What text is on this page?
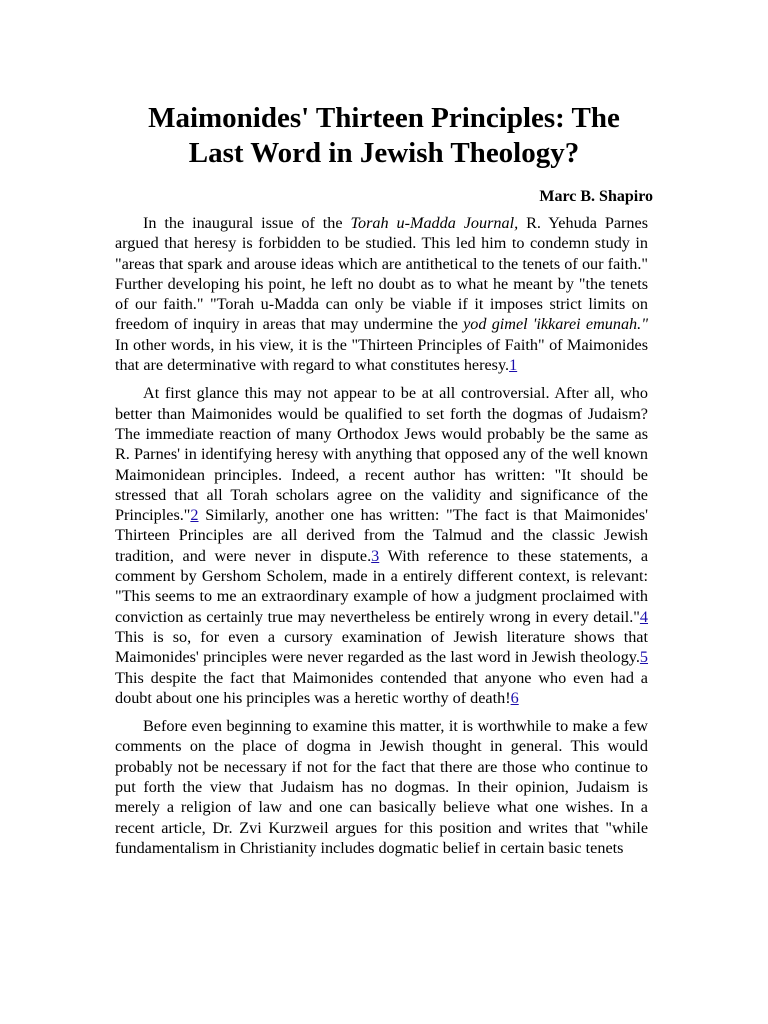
Maimonides' Thirteen Principles: The
Last Word in Jewish Theology?
Marc B. Shapiro

In the inaugural issue of the Torah u-Madda Journal, R. Yehuda Parnes argued that heresy is forbidden to be studied. This led him to condemn study in "areas that spark and arouse ideas which are antithetical to the tenets of our faith." Further developing his point, he left no doubt as to what he meant by "the tenets of our faith." "Torah u-Madda can only be viable if it imposes strict limits on freedom of inquiry in areas that may undermine the yod gimel 'ikkarei emunah." In other words, in his view, it is the "Thirteen Principles of Faith" of Maimonides that are determinative with regard to what constitutes heresy.1

At first glance this may not appear to be at all controversial. After all, who better than Maimonides would be qualified to set forth the dogmas of Judaism? The immediate reaction of many Orthodox Jews would probably be the same as R. Parnes' in identifying heresy with anything that opposed any of the well known Maimonidean principles. Indeed, a recent author has written: "It should be stressed that all Torah scholars agree on the validity and significance of the Principles."2 Similarly, another one has written: "The fact is that Maimonides' Thirteen Principles are all derived from the Talmud and the classic Jewish tradition, and were never in dispute.3 With reference to these statements, a comment by Gershom Scholem, made in a entirely different context, is relevant: "This seems to me an extraordinary example of how a judgment proclaimed with conviction as certainly true may nevertheless be entirely wrong in every detail."4 This is so, for even a cursory examination of Jewish literature shows that Maimonides' principles were never regarded as the last word in Jewish theology.5 This despite the fact that Maimonides contended that anyone who even had a doubt about one his principles was a heretic worthy of death!6

Before even beginning to examine this matter, it is worthwhile to make a few comments on the place of dogma in Jewish thought in general. This would probably not be necessary if not for the fact that there are those who continue to put forth the view that Judaism has no dogmas. In their opinion, Judaism is merely a religion of law and one can basically believe what one wishes. In a recent article, Dr. Zvi Kurzweil argues for this position and writes that "while fundamentalism in Christianity includes dogmatic belief in certain basic tenets
